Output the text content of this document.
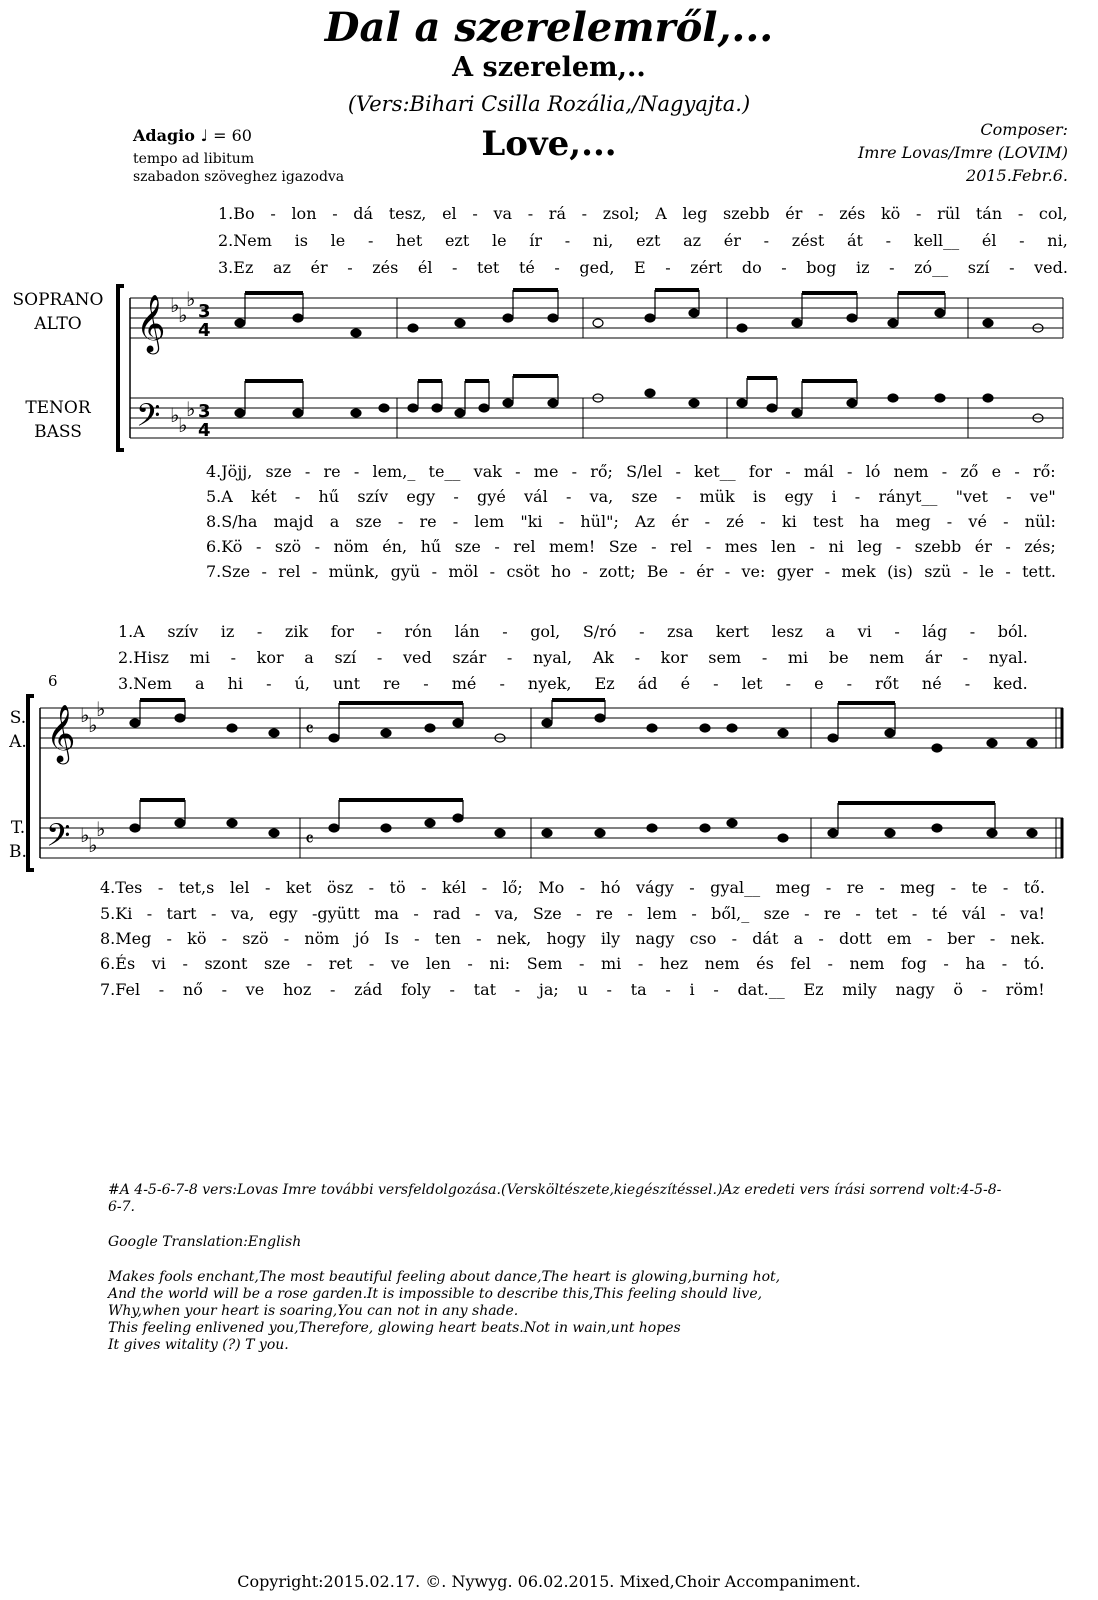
Dal a szerelemről,...
A szerelem,..
(Vers:Bihari Csilla Rozália,/Nagyajta.)
Love,...
Adagio ♩ = 60
tempo ad libitum
szabadon szöveghez igazodva
Composer:
Imre Lovas/Imre (LOVIM)
2015.Febr.6.
1.Bo - lon - dá tesz, el - va - rá - zsol; A leg szebb ér - zés kö - rül tán - col,
2.Nem is le - het ezt le ír - ni, ezt az ér - zést át - kell__ él - ni,
3.Ez az ér - zés él - tet té - ged, E - zért do - bog iz - zó__ szí - ved.
SOPRANO
ALTO
TENOR
BASS
4.Jöjj, sze - re - lem,_ te__ vak - me - rő; S/lel - ket__ for - mál - ló nem - ző e - rő:
5.A két - hű szív egy - gyé vál - va, sze - mük is egy i - rányt__ "vet - ve"
8.S/ha majd a sze - re - lem "ki - hül"; Az ér - zé - ki test ha meg - vé - nül:
6.Kö - szö - nöm én, hű sze - rel mem! Sze - rel - mes len - ni leg - szebb ér - zés;
7.Sze - rel - münk, gyü - möl - csöt ho - zott; Be - ér - ve: gyer - mek (is) szü - le - tett.
1.A szív iz - zik for - rón lán - gol, S/ró - zsa kert lesz a vi - lág - ból.
2.Hisz mi - kor a szí - ved szár - nyal, Ak - kor sem - mi be nem ár - nyal.
3.Nem a hi - ú, unt re - mé - nyek, Ez ád é - let - e - rőt né - ked.
6
S.
A.
T.
B.
4.Tes - tet,s lel - ket ösz - tö - kél - lő; Mo - hó vágy - gyal__ meg - re - meg - te - tő.
5.Ki - tart - va, egy -gyütt ma - rad - va, Sze - re - lem - ből,_ sze - re - tet - té vál - va!
8.Meg - kö - szö - nöm jó Is - ten - nek, hogy ily nagy cso - dát a - dott em - ber - nek.
6.És vi - szont sze - ret - ve len - ni: Sem - mi - hez nem és fel - nem fog - ha - tó.
7.Fel - nő - ve hoz - zád foly - tat - ja; u - ta - i - dat.__ Ez mily nagy ö - röm!
𝄞
𝄢
♭
♭
♭
♭
♭
♭
3
4
3
4
𝄞
𝄢
♭
♭
♭
♭
♭
♭
𝄴
𝄴

#A 4-5-6-7-8 vers:Lovas Imre további versfeldolgozása.(Versköltészete,kiegészítéssel.)Az eredeti vers írási sorrend volt:4-5-8-6-7.

Google Translation:English

Makes fools enchant,The most beautiful feeling about dance,The heart is glowing,burning hot,
And the world will be a rose garden.It is impossible to describe this,This feeling should live,
Why,when your heart is soaring,You can not in any shade.
This feeling enlivened you,Therefore, glowing heart beats.Not in wain,unt hopes
It gives witality (?) T you.
Copyright:2015.02.17. ©. Nywyg. 06.02.2015. Mixed,Choir Accompaniment.
